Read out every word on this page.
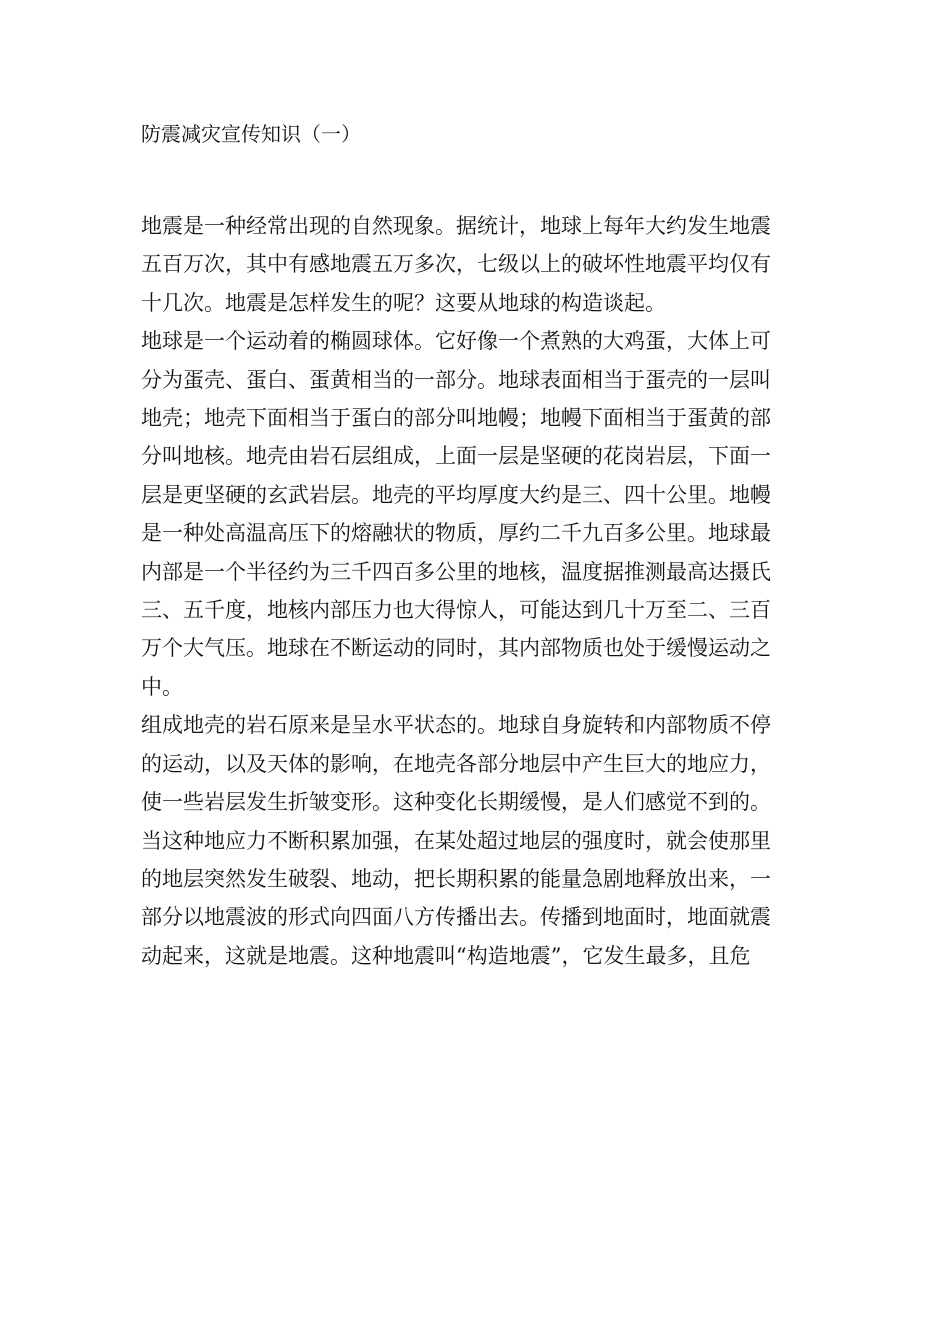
防震减灾宣传知识（一）

地震是一种经常出现的自然现象。据统计，地球上每年大约发生地震
五百万次，其中有感地震五万多次，七级以上的破坏性地震平均仅有
十几次。地震是怎样发生的呢？这要从地球的构造谈起。

地球是一个运动着的椭圆球体。它好像一个煮熟的大鸡蛋，大体上可
分为蛋壳、蛋白、蛋黄相当的一部分。地球表面相当于蛋壳的一层叫
地壳；地壳下面相当于蛋白的部分叫地幔；地幔下面相当于蛋黄的部
分叫地核。地壳由岩石层组成，上面一层是坚硬的花岗岩层，下面一
层是更坚硬的玄武岩层。地壳的平均厚度大约是三、四十公里。地幔
是一种处高温高压下的熔融状的物质，厚约二千九百多公里。地球最
内部是一个半径约为三千四百多公里的地核，温度据推测最高达摄氏
三、五千度，地核内部压力也大得惊人，可能达到几十万至二、三百
万个大气压。地球在不断运动的同时，其内部物质也处于缓慢运动之
中。

组成地壳的岩石原来是呈水平状态的。地球自身旋转和内部物质不停
的运动，以及天体的影响，在地壳各部分地层中产生巨大的地应力，
使一些岩层发生折皱变形。这种变化长期缓慢，是人们感觉不到的。
当这种地应力不断积累加强，在某处超过地层的强度时，就会使那里
的地层突然发生破裂、地动，把长期积累的能量急剧地释放出来，一
部分以地震波的形式向四面八方传播出去。传播到地面时，地面就震
动起来，这就是地震。这种地震叫“构造地震”，它发生最多，且危
